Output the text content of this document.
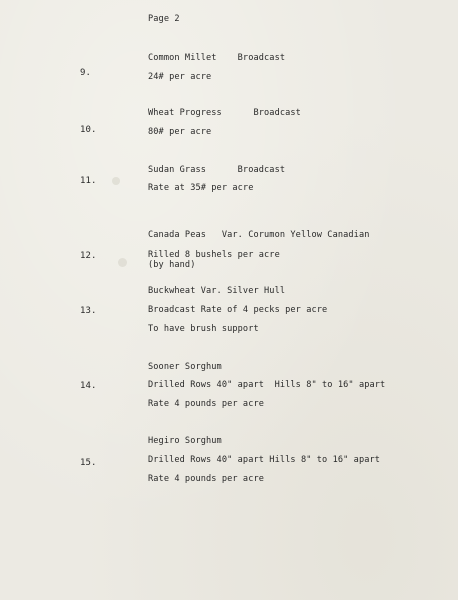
Page 2
9.
Common Millet    Broadcast
24# per acre
10.
Wheat Progress      Broadcast
80# per acre
11.
Sudan Grass      Broadcast
Rate at 35# per acre
12.
Canada Peas   Var. Corumon Yellow Canadian
Rilled 8 bushels per acre
(by hand)
13.
Buckwheat Var. Silver Hull
Broadcast Rate of 4 pecks per acre
To have brush support
14.
Sooner Sorghum
Drilled Rows 40" apart  Hills 8" to 16" apart
Rate 4 pounds per acre
15.
Hegiro Sorghum
Drilled Rows 40" apart Hills 8" to 16" apart
Rate 4 pounds per acre
